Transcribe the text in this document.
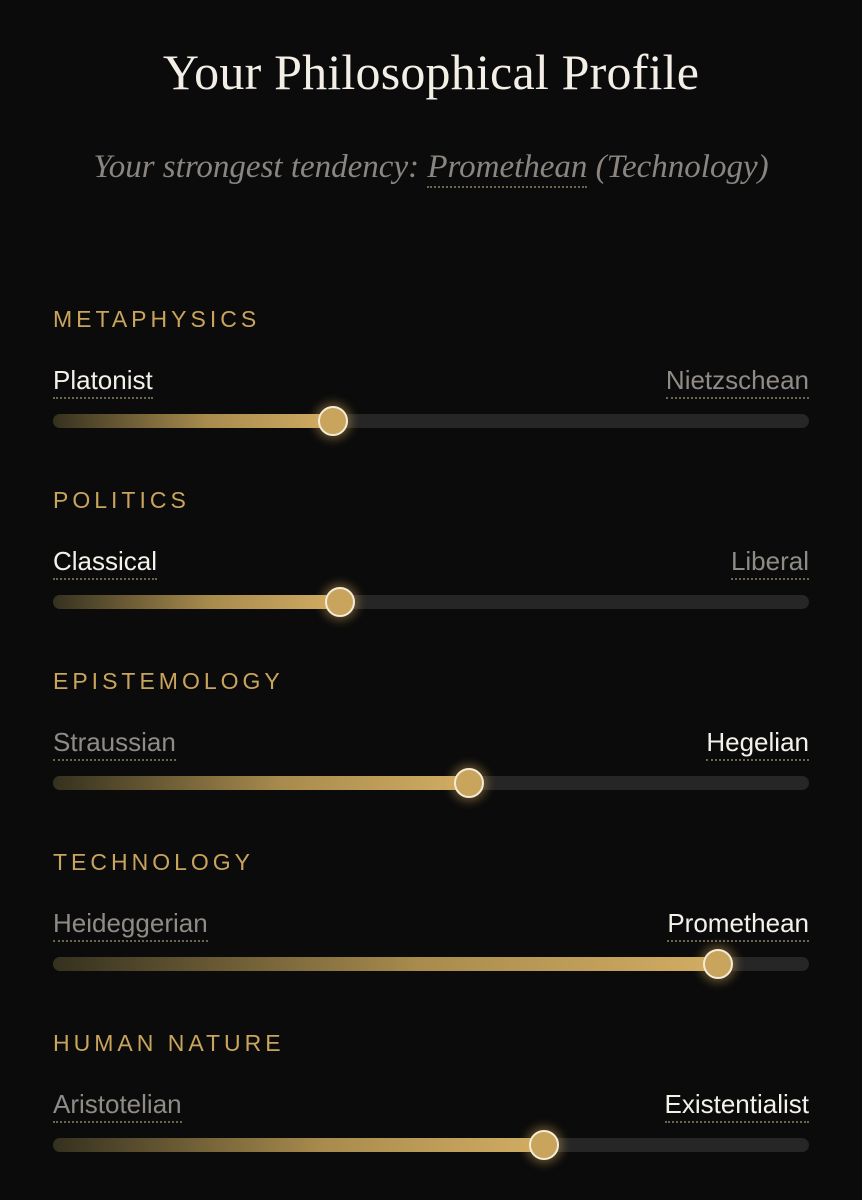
Your Philosophical Profile
Your strongest tendency: Promethean (Technology)
METAPHYSICS
Platonist	Nietzschean
POLITICS
Classical	Liberal
EPISTEMOLOGY
Straussian	Hegelian
TECHNOLOGY
Heideggerian	Promethean
HUMAN NATURE
Aristotelian	Existentialist
